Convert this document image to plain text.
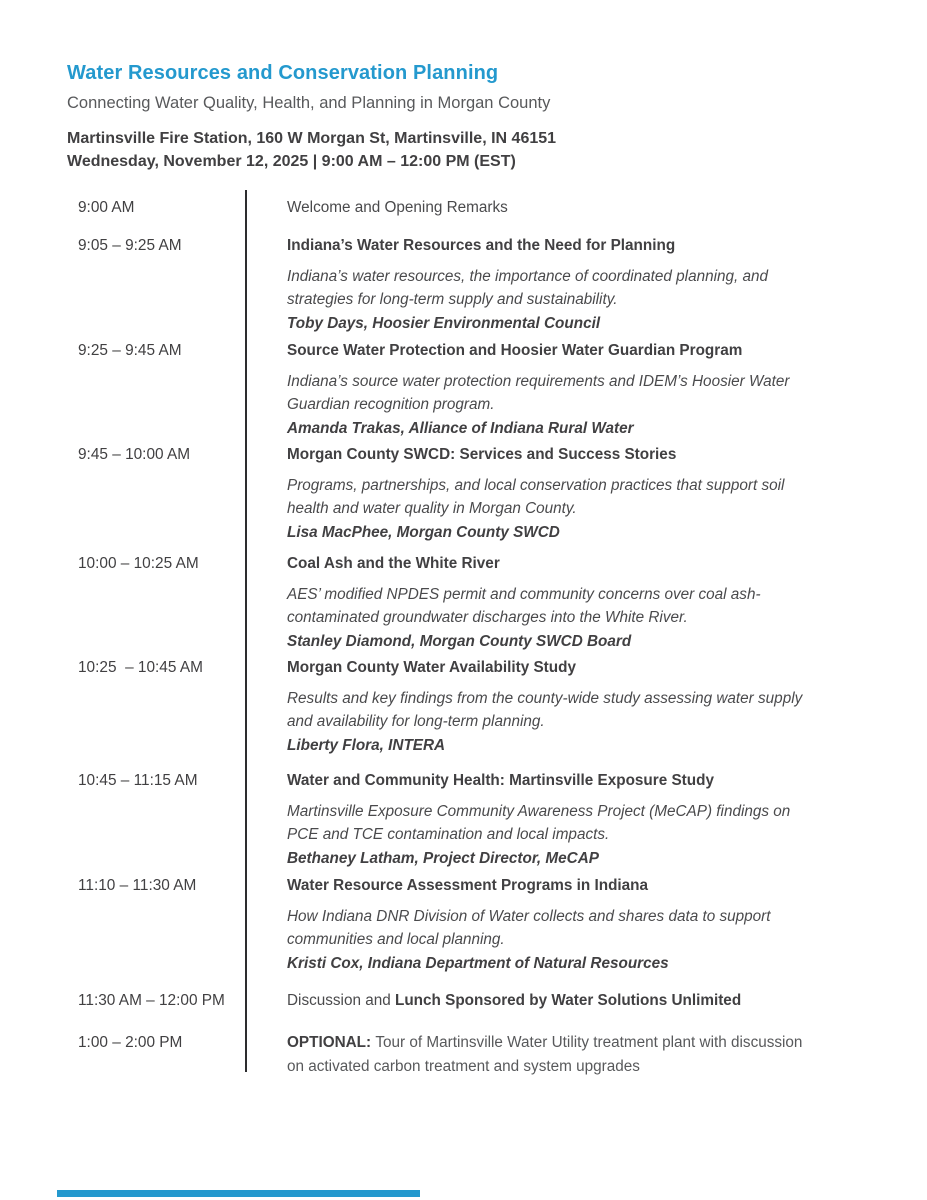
Water Resources and Conservation Planning
Connecting Water Quality, Health, and Planning in Morgan County
Martinsville Fire Station, 160 W Morgan St, Martinsville, IN 46151
Wednesday, November 12, 2025 | 9:00 AM – 12:00 PM (EST)
9:00 AM	Welcome and Opening Remarks
9:05 – 9:25 AM	Indiana’s Water Resources and the Need for Planning
Indiana’s water resources, the importance of coordinated planning, and strategies for long-term supply and sustainability.
Toby Days, Hoosier Environmental Council
9:25 – 9:45 AM	Source Water Protection and Hoosier Water Guardian Program
Indiana’s source water protection requirements and IDEM’s Hoosier Water Guardian recognition program.
Amanda Trakas, Alliance of Indiana Rural Water
9:45 – 10:00 AM	Morgan County SWCD: Services and Success Stories
Programs, partnerships, and local conservation practices that support soil health and water quality in Morgan County.
Lisa MacPhee, Morgan County SWCD
10:00 – 10:25 AM	Coal Ash and the White River
AES’ modified NPDES permit and community concerns over coal ash-contaminated groundwater discharges into the White River.
Stanley Diamond, Morgan County SWCD Board
10:25  – 10:45 AM	Morgan County Water Availability Study
Results and key findings from the county-wide study assessing water supply and availability for long-term planning.
Liberty Flora, INTERA
10:45 – 11:15 AM	Water and Community Health: Martinsville Exposure Study
Martinsville Exposure Community Awareness Project (MeCAP) findings on PCE and TCE contamination and local impacts.
Bethaney Latham, Project Director, MeCAP
11:10 – 11:30 AM	Water Resource Assessment Programs in Indiana
How Indiana DNR Division of Water collects and shares data to support communities and local planning.
Kristi Cox, Indiana Department of Natural Resources
11:30 AM – 12:00 PM	Discussion and Lunch Sponsored by Water Solutions Unlimited
1:00 – 2:00 PM	OPTIONAL: Tour of Martinsville Water Utility treatment plant with discussion on activated carbon treatment and system upgrades
